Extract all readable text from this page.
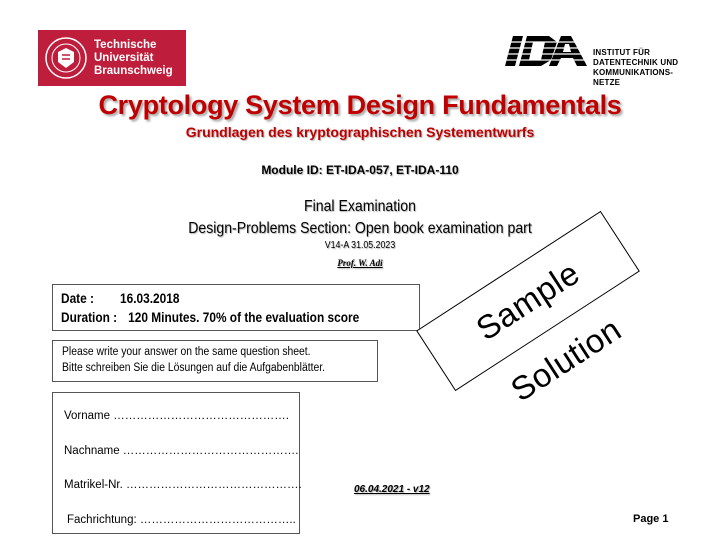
Technische
Universität
Braunschweig
INSTITUT FÜR
DATENTECHNIK UND
KOMMUNIKATIONS-
NETZE
Cryptology System Design Fundamentals
Grundlagen des kryptographischen Systementwurfs
Module ID: ET-IDA-057, ET-IDA-110
Final Examination
Design-Problems Section: Open book examination part
V14-A 31.05.2023
Prof. W. Adi
Date : 16.03.2018
Duration : 120 Minutes. 70% of the evaluation score
Please write your answer on the same question sheet.
Bitte schreiben Sie die Lösungen auf die Aufgabenblätter.
Vorname ……………………………………….
Nachname ……………………………………….
Matrikel-Nr. ……………………………………….
Fachrichtung: …………………………………..
Sample Solution
06.04.2021 - v12
Page 1
